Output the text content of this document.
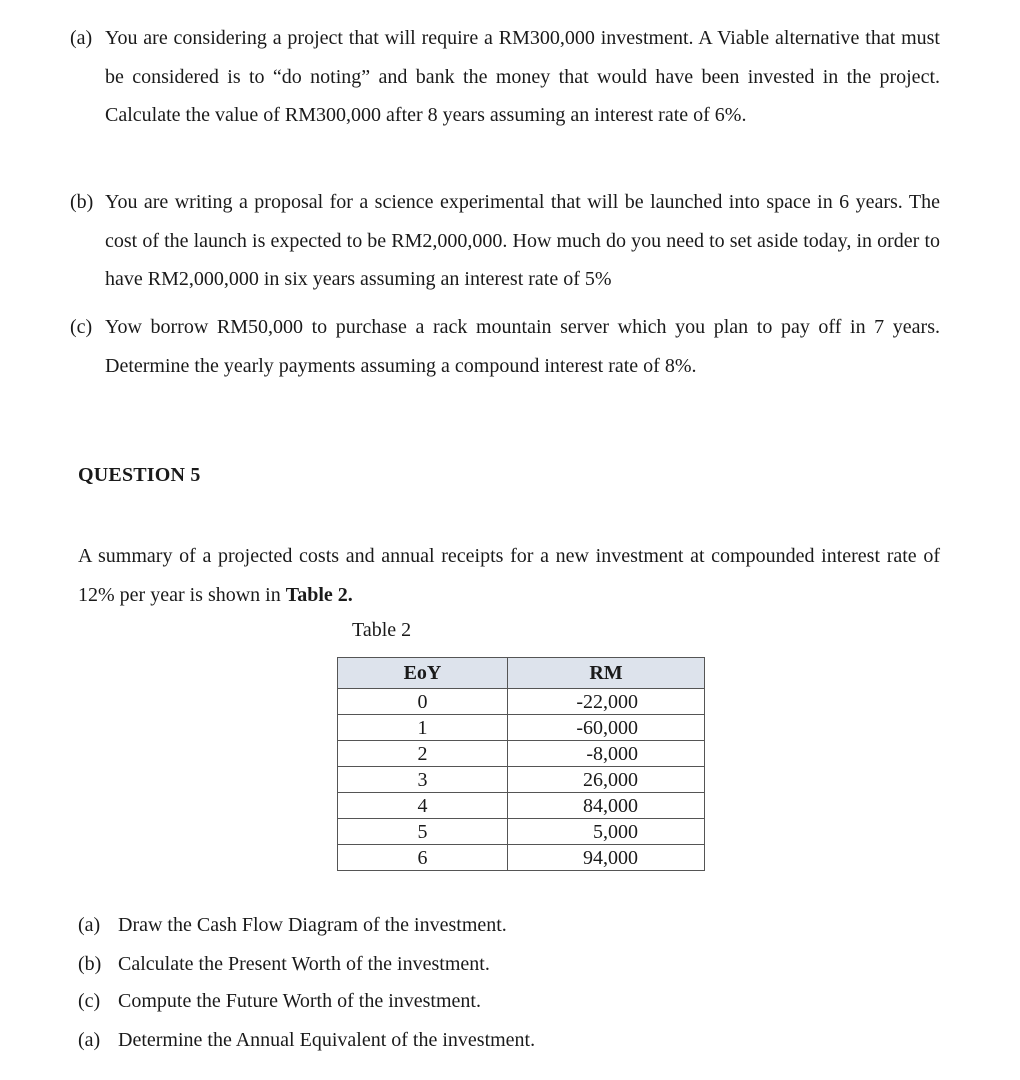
(a) You are considering a project that will require a RM300,000 investment. A Viable alternative that must be considered is to “do noting” and bank the money that would have been invested in the project. Calculate the value of RM300,000 after 8 years assuming an interest rate of 6%.
(b) You are writing a proposal for a science experimental that will be launched into space in 6 years. The cost of the launch is expected to be RM2,000,000. How much do you need to set aside today, in order to have RM2,000,000 in six years assuming an interest rate of 5%
(c) Yow borrow RM50,000 to purchase a rack mountain server which you plan to pay off in 7 years. Determine the yearly payments assuming a compound interest rate of 8%.
QUESTION 5
A summary of a projected costs and annual receipts for a new investment at compounded interest rate of 12% per year is shown in Table 2.
Table 2
EoY	RM
0	-22,000
1	-60,000
2	-8,000
3	26,000
4	84,000
5	5,000
6	94,000
(a) Draw the Cash Flow Diagram of the investment.
(b) Calculate the Present Worth of the investment.
(c) Compute the Future Worth of the investment.
(a) Determine the Annual Equivalent of the investment.
